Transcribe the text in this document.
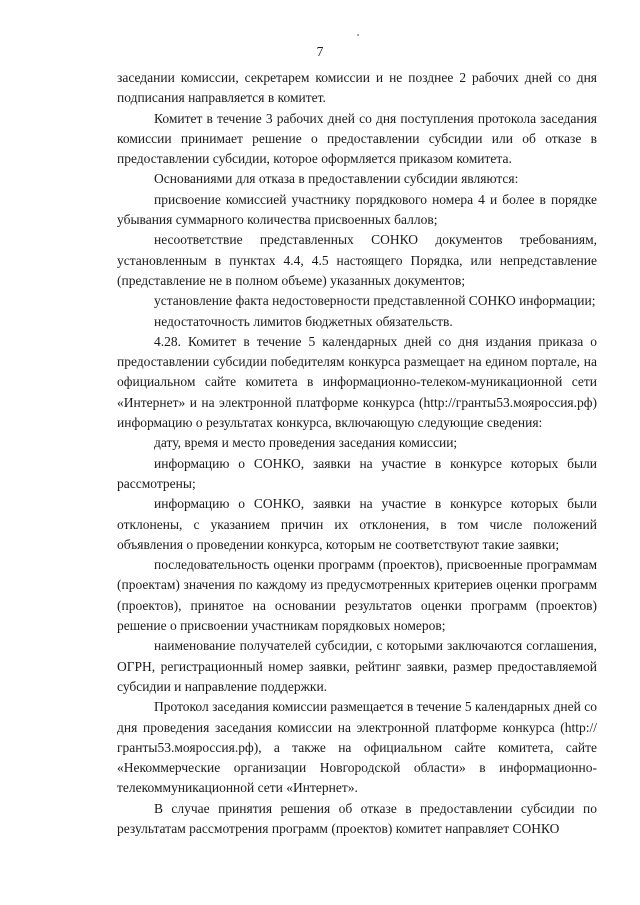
7

заседании комиссии, секретарем комиссии и не позднее 2 рабочих дней со дня подписания направляется в комитет.

Комитет в течение 3 рабочих дней со дня поступления протокола заседания комиссии принимает решение о предоставлении субсидии или об отказе в предоставлении субсидии, которое оформляется приказом комитета.

Основаниями для отказа в предоставлении субсидии являются:

присвоение комиссией участнику порядкового номера 4 и более в порядке убывания суммарного количества присвоенных баллов;

несоответствие представленных СОНКО документов требованиям, установленным в пунктах 4.4, 4.5 настоящего Порядка, или непредставление (представление не в полном объеме) указанных документов;

установление факта недостоверности представленной СОНКО информации;

недостаточность лимитов бюджетных обязательств.

4.28. Комитет в течение 5 календарных дней со дня издания приказа о предоставлении субсидии победителям конкурса размещает на едином портале, на официальном сайте комитета в информационно-телеком-муникационной сети «Интернет» и на электронной платформе конкурса (http://гранты53.мояроссия.рф) информацию о результатах конкурса, включающую следующие сведения:

дату, время и место проведения заседания комиссии;

информацию о СОНКО, заявки на участие в конкурсе которых были рассмотрены;

информацию о СОНКО, заявки на участие в конкурсе которых были отклонены, с указанием причин их отклонения, в том числе положений объявления о проведении конкурса, которым не соответствуют такие заявки;

последовательность оценки программ (проектов), присвоенные программам (проектам) значения по каждому из предусмотренных критериев оценки программ (проектов), принятое на основании результатов оценки программ (проектов) решение о присвоении участникам порядковых номеров;

наименование получателей субсидии, с которыми заключаются соглашения, ОГРН, регистрационный номер заявки, рейтинг заявки, размер предоставляемой субсидии и направление поддержки.

Протокол заседания комиссии размещается в течение 5 календарных дней со дня проведения заседания комиссии на электронной платформе конкурса (http://гранты53.мояроссия.рф), а также на официальном сайте комитета, сайте «Некоммерческие организации Новгородской области» в информационно-телекоммуникационной сети «Интернет».

В случае принятия решения об отказе в предоставлении субсидии по результатам рассмотрения программ (проектов) комитет направляет СОНКО
